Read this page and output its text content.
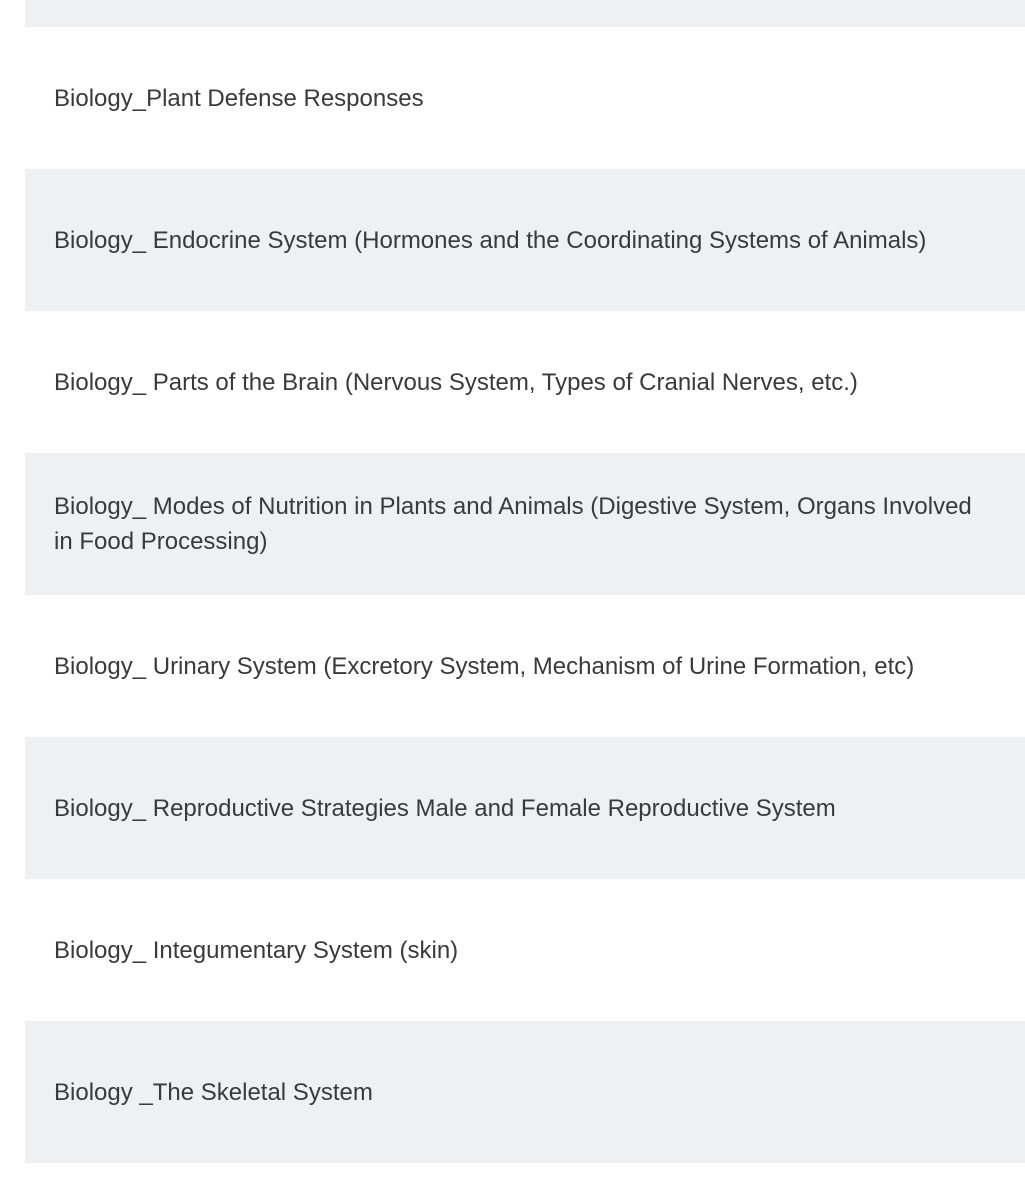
Biology_Plant Defense Responses
Biology_ Endocrine System (Hormones and the Coordinating Systems of Animals)
Biology_ Parts of the Brain (Nervous System, Types of Cranial Nerves, etc.)
Biology_ Modes of Nutrition in Plants and Animals (Digestive System, Organs Involved in Food Processing)
Biology_ Urinary System (Excretory System, Mechanism of Urine Formation, etc)
Biology_ Reproductive Strategies Male and Female Reproductive System
Biology_ Integumentary System (skin)
Biology _The Skeletal System
